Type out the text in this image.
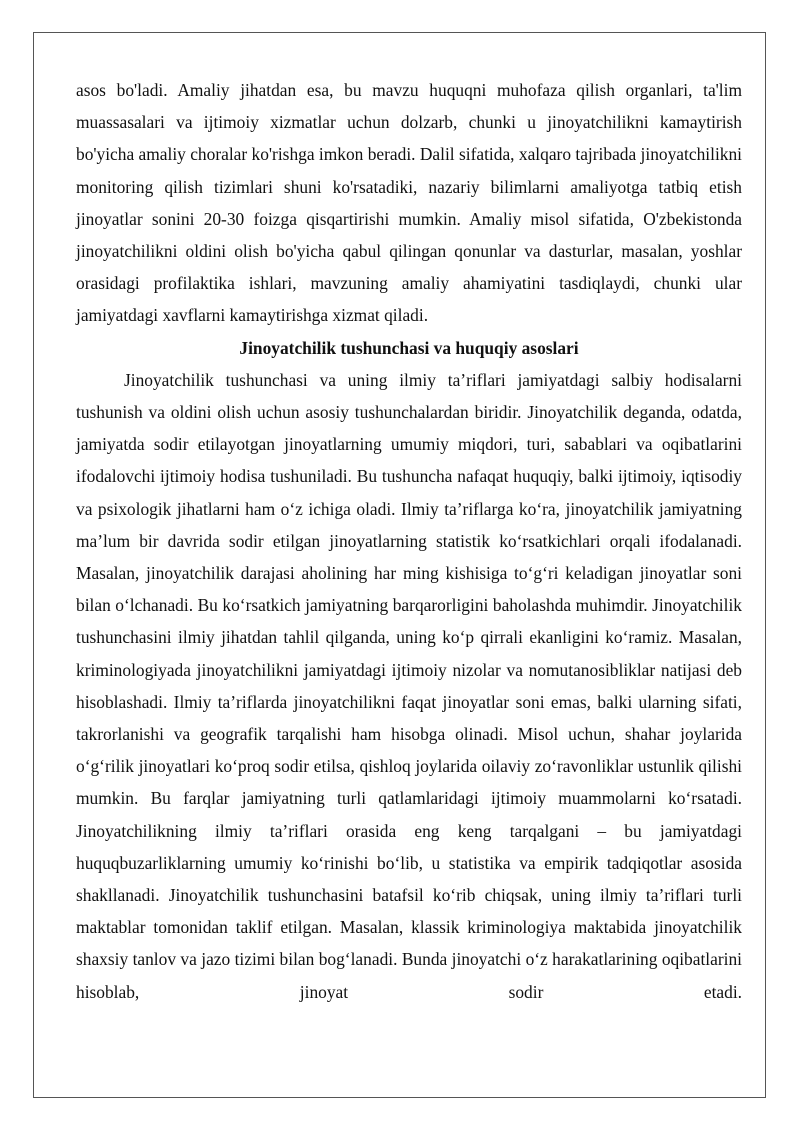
asos bo'ladi. Amaliy jihatdan esa, bu mavzu huquqni muhofaza qilish organlari, ta'lim muassasalari va ijtimoiy xizmatlar uchun dolzarb, chunki u jinoyatchilikni kamaytirish bo'yicha amaliy choralar ko'rishga imkon beradi. Dalil sifatida, xalqaro tajribada jinoyatchilikni monitoring qilish tizimlari shuni ko'rsatadiki, nazariy bilimlarni amaliyotga tatbiq etish jinoyatlar sonini 20-30 foizga qisqartirishi mumkin. Amaliy misol sifatida, O'zbekistonda jinoyatchilikni oldini olish bo'yicha qabul qilingan qonunlar va dasturlar, masalan, yoshlar orasidagi profilaktika ishlari, mavzuning amaliy ahamiyatini tasdiqlaydi, chunki ular jamiyatdagi xavflarni kamaytirishga xizmat qiladi.

Jinoyatchilik tushunchasi va huquqiy asoslari

Jinoyatchilik tushunchasi va uning ilmiy ta’riflari jamiyatdagi salbiy hodisalarni tushunish va oldini olish uchun asosiy tushunchalardan biridir. Jinoyatchilik deganda, odatda, jamiyatda sodir etilayotgan jinoyatlarning umumiy miqdori, turi, sabablari va oqibatlarini ifodalovchi ijtimoiy hodisa tushuniladi. Bu tushuncha nafaqat huquqiy, balki ijtimoiy, iqtisodiy va psixologik jihatlarni ham o‘z ichiga oladi. Ilmiy ta’riflarga ko‘ra, jinoyatchilik jamiyatning ma’lum bir davrida sodir etilgan jinoyatlarning statistik ko‘rsatkichlari orqali ifodalanadi. Masalan, jinoyatchilik darajasi aholining har ming kishisiga to‘g‘ri keladigan jinoyatlar soni bilan o‘lchanadi. Bu ko‘rsatkich jamiyatning barqarorligini baholashda muhimdir. Jinoyatchilik tushunchasini ilmiy jihatdan tahlil qilganda, uning ko‘p qirrali ekanligini ko‘ramiz. Masalan, kriminologiyada jinoyatchilikni jamiyatdagi ijtimoiy nizolar va nomutanosibliklar natijasi deb hisoblashadi. Ilmiy ta’riflarda jinoyatchilikni faqat jinoyatlar soni emas, balki ularning sifati, takrorlanishi va geografik tarqalishi ham hisobga olinadi. Misol uchun, shahar joylarida o‘g‘rilik jinoyatlari ko‘proq sodir etilsa, qishloq joylarida oilaviy zo‘ravonliklar ustunlik qilishi mumkin. Bu farqlar jamiyatning turli qatlamlaridagi ijtimoiy muammolarni ko‘rsatadi. Jinoyatchilikning ilmiy ta’riflari orasida eng keng tarqalgani – bu jamiyatdagi huquqbuzarliklarning umumiy ko‘rinishi bo‘lib, u statistika va empirik tadqiqotlar asosida shakllanadi. Jinoyatchilik tushunchasini batafsil ko‘rib chiqsak, uning ilmiy ta’riflari turli maktablar tomonidan taklif etilgan. Masalan, klassik kriminologiya maktabida jinoyatchilik shaxsiy tanlov va jazo tizimi bilan bog‘lanadi. Bunda jinoyatchi o‘z harakatlarining oqibatlarini hisoblab, jinoyat sodir etadi.
